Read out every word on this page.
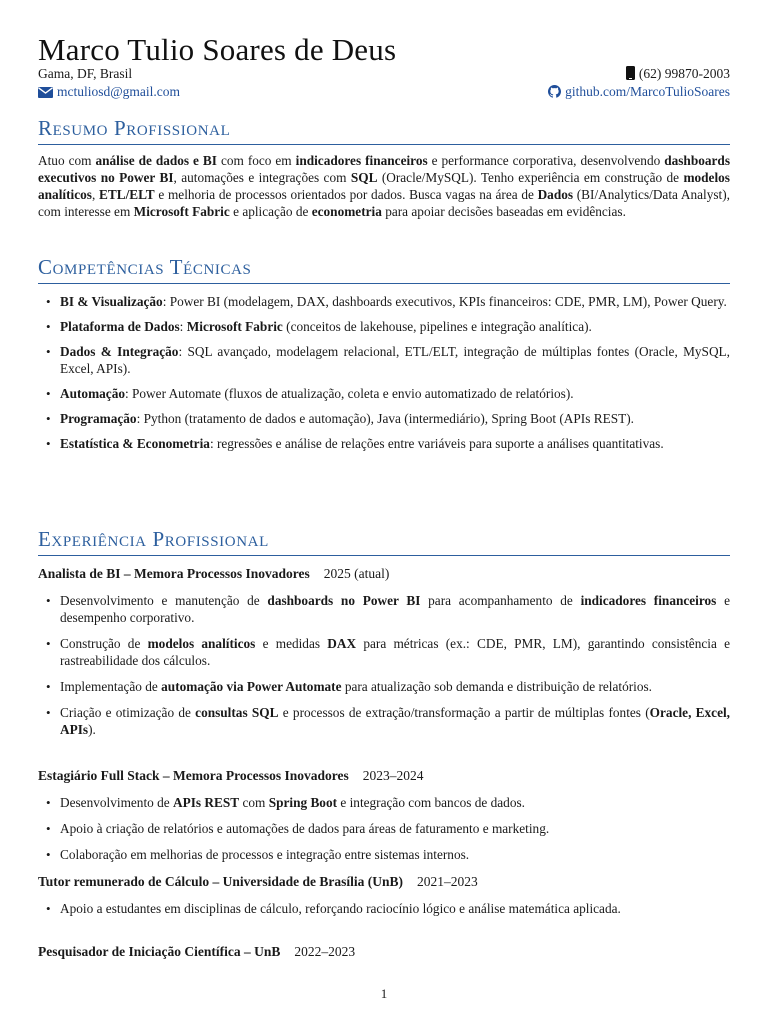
Marco Tulio Soares de Deus
Gama, DF, Brasil
mctuliosd@gmail.com
(62) 99870-2003
github.com/MarcoTulioSoares
Resumo Profissional

Atuo com análise de dados e BI com foco em indicadores financeiros e performance corporativa, desenvolvendo dashboards executivos no Power BI, automações e integrações com SQL (Oracle/MySQL). Tenho experiência em construção de modelos analíticos, ETL/ELT e melhoria de processos orientados por dados. Busca vagas na área de Dados (BI/Analytics/Data Analyst), com interesse em Microsoft Fabric e aplicação de econometria para apoiar decisões baseadas em evidências.

Competências Técnicas
• BI & Visualização: Power BI (modelagem, DAX, dashboards executivos, KPIs financeiros: CDE, PMR, LM), Power Query.
• Plataforma de Dados: Microsoft Fabric (conceitos de lakehouse, pipelines e integração analítica).
• Dados & Integração: SQL avançado, modelagem relacional, ETL/ELT, integração de múltiplas fontes (Oracle, MySQL, Excel, APIs).
• Automação: Power Automate (fluxos de atualização, coleta e envio automatizado de relatórios).
• Programação: Python (tratamento de dados e automação), Java (intermediário), Spring Boot (APIs REST).
• Estatística & Econometria: regressões e análise de relações entre variáveis para suporte a análises quantitativas.
Experiência Profissional
Analista de BI – Memora Processos Inovadores 2025 (atual)
• Desenvolvimento e manutenção de dashboards no Power BI para acompanhamento de indicadores financeiros e desempenho corporativo.
• Construção de modelos analíticos e medidas DAX para métricas (ex.: CDE, PMR, LM), garantindo consistência e rastreabilidade dos cálculos.
• Implementação de automação via Power Automate para atualização sob demanda e distribuição de relatórios.
• Criação e otimização de consultas SQL e processos de extração/transformação a partir de múltiplas fontes (Oracle, Excel, APIs).
Estagiário Full Stack – Memora Processos Inovadores 2023–2024
• Desenvolvimento de APIs REST com Spring Boot e integração com bancos de dados.
• Apoio à criação de relatórios e automações de dados para áreas de faturamento e marketing.
• Colaboração em melhorias de processos e integração entre sistemas internos.
Tutor remunerado de Cálculo – Universidade de Brasília (UnB) 2021–2023
• Apoio a estudantes em disciplinas de cálculo, reforçando raciocínio lógico e análise matemática aplicada.
Pesquisador de Iniciação Científica – UnB 2022–2023
1
